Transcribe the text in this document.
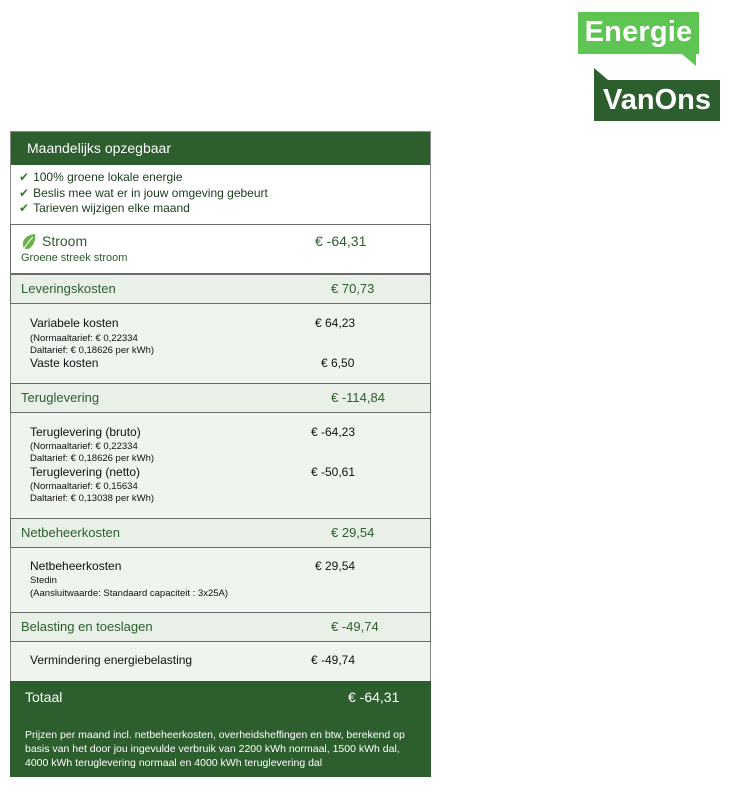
Energie
VanOns
Maandelijks opzegbaar
✔ 100% groene lokale energie
✔ Beslis mee wat er in jouw omgeving gebeurt
✔ Tarieven wijzigen elke maand
Stroom	€ -64,31
Groene streek stroom
Leveringskosten	€ 70,73
Variabele kosten	€ 64,23
(Normaaltarief: € 0,22334
Daltarief: € 0,18626 per kWh)
Vaste kosten	€ 6,50
Teruglevering	€ -114,84
Teruglevering (bruto)	€ -64,23
(Normaaltarief: € 0,22334
Daltarief: € 0,18626 per kWh)
Teruglevering (netto)	€ -50,61
(Normaaltarief: € 0,15634
Daltarief: € 0,13038 per kWh)
Netbeheerkosten	€ 29,54
Netbeheerkosten	€ 29,54
Stedin
(Aansluitwaarde: Standaard capaciteit : 3x25A)
Belasting en toeslagen	€ -49,74
Vermindering energiebelasting	€ -49,74
Totaal	€ -64,31
Prijzen per maand incl. netbeheerkosten, overheidsheffingen en btw, berekend op basis van het door jou ingevulde verbruik van 2200 kWh normaal, 1500 kWh dal, 4000 kWh teruglevering normaal en 4000 kWh teruglevering dal
